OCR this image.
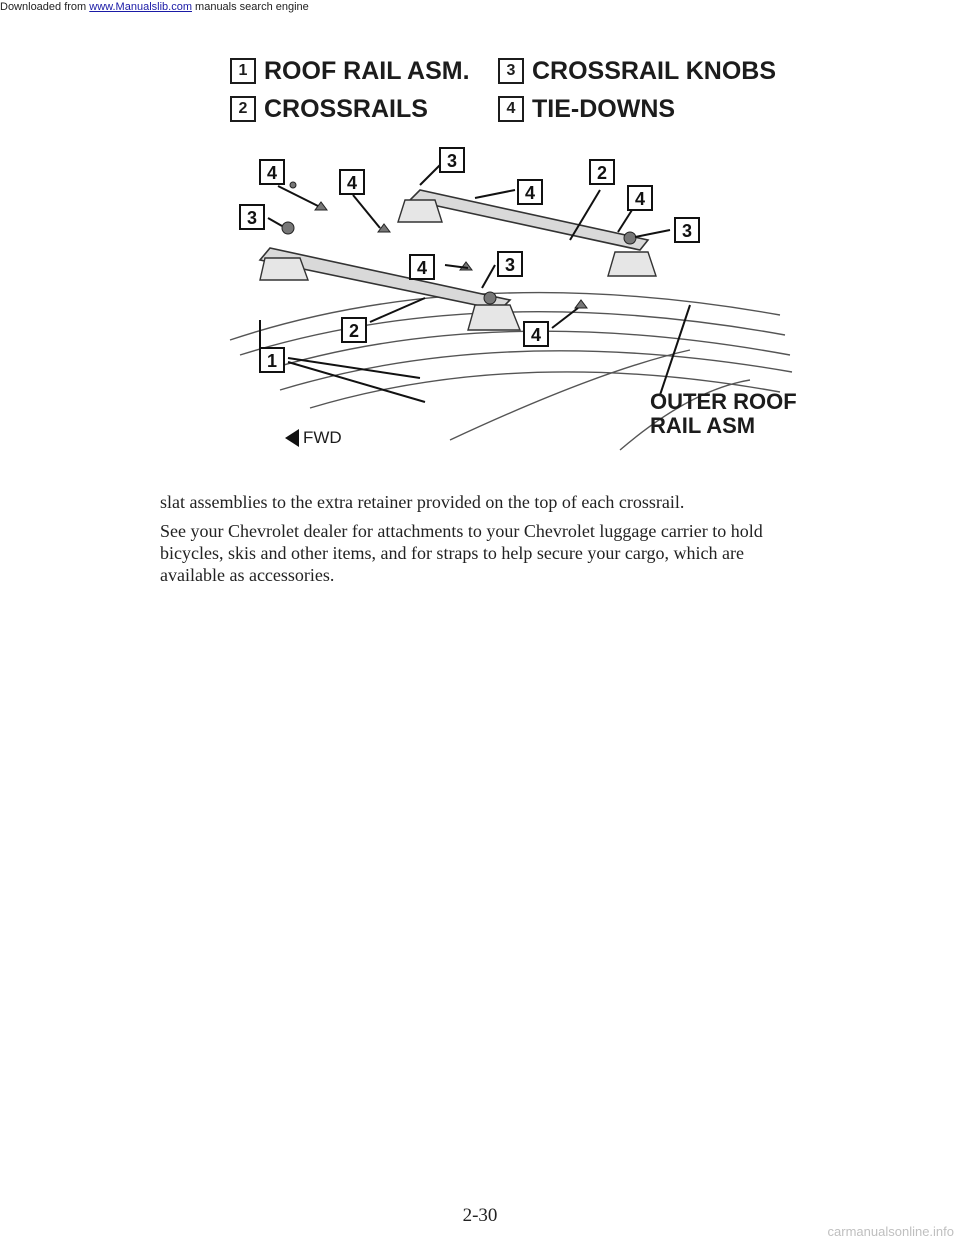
Downloaded from www.Manualslib.com manuals search engine
1 ROOF RAIL ASM.	3 CROSSRAIL KNOBS
2 CROSSRAILS	4 TIE-DOWNS
4	4
3
3
4
2
4
3
4	3
2	4
1
OUTER ROOF
RAIL ASM
FWD

slat assemblies to the extra retainer provided on the top of each crossrail.

See your Chevrolet dealer for attachments to your Chevrolet luggage carrier to hold bicycles, skis and other items, and for straps to help secure your cargo, which are available as accessories.

2-30
carmanualsonline.info
